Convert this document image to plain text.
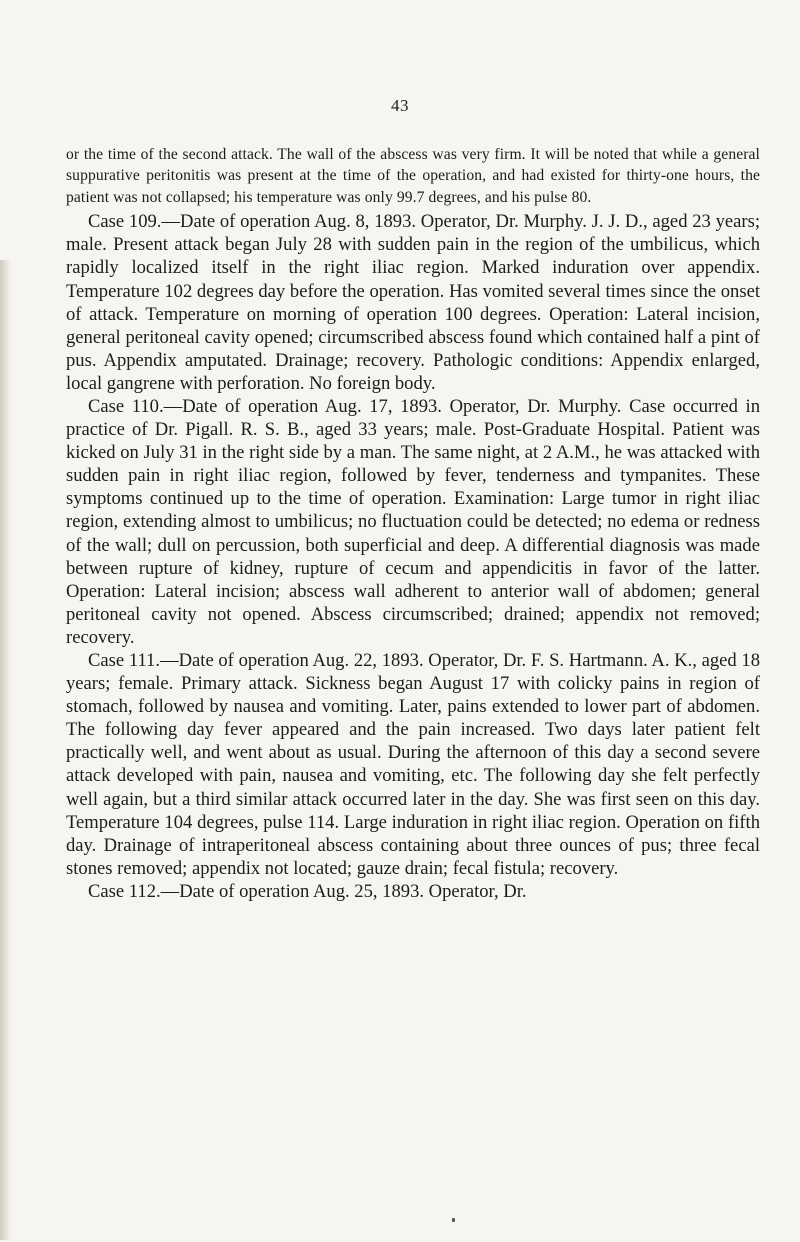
43

or the time of the second attack. The wall of the abscess was very firm. It will be noted that while a general suppurative peritonitis was present at the time of the operation, and had existed for thirty-one hours, the patient was not collapsed; his temperature was only 99.7 degrees, and his pulse 80.

Case 109.—Date of operation Aug. 8, 1893. Operator, Dr. Murphy. J. J. D., aged 23 years; male. Present attack began July 28 with sudden pain in the region of the umbilicus, which rapidly localized itself in the right iliac region. Marked induration over appendix. Temperature 102 degrees day before the operation. Has vomited several times since the onset of attack. Temperature on morning of operation 100 degrees. Operation: Lateral incision, general peritoneal cavity opened; circumscribed abscess found which contained half a pint of pus. Appendix amputated. Drainage; recovery. Pathologic conditions: Appendix enlarged, local gangrene with perforation. No foreign body.

Case 110.—Date of operation Aug. 17, 1893. Operator, Dr. Murphy. Case occurred in practice of Dr. Pigall. R. S. B., aged 33 years; male. Post-Graduate Hospital. Patient was kicked on July 31 in the right side by a man. The same night, at 2 A.M., he was attacked with sudden pain in right iliac region, followed by fever, tenderness and tympanites. These symptoms continued up to the time of operation. Examination: Large tumor in right iliac region, extending almost to umbilicus; no fluctuation could be detected; no edema or redness of the wall; dull on percussion, both superficial and deep. A differential diagnosis was made between rupture of kidney, rupture of cecum and appendicitis in favor of the latter. Operation: Lateral incision; abscess wall adherent to anterior wall of abdomen; general peritoneal cavity not opened. Abscess circumscribed; drained; appendix not removed; recovery.

Case 111.—Date of operation Aug. 22, 1893. Operator, Dr. F. S. Hartmann. A. K., aged 18 years; female. Primary attack. Sickness began August 17 with colicky pains in region of stomach, followed by nausea and vomiting. Later, pains extended to lower part of abdomen. The following day fever appeared and the pain increased. Two days later patient felt practically well, and went about as usual. During the afternoon of this day a second severe attack developed with pain, nausea and vomiting, etc. The following day she felt perfectly well again, but a third similar attack occurred later in the day. She was first seen on this day. Temperature 104 degrees, pulse 114. Large induration in right iliac region. Operation on fifth day. Drainage of intraperitoneal abscess containing about three ounces of pus; three fecal stones removed; appendix not located; gauze drain; fecal fistula; recovery.

Case 112.—Date of operation Aug. 25, 1893. Operator, Dr.
